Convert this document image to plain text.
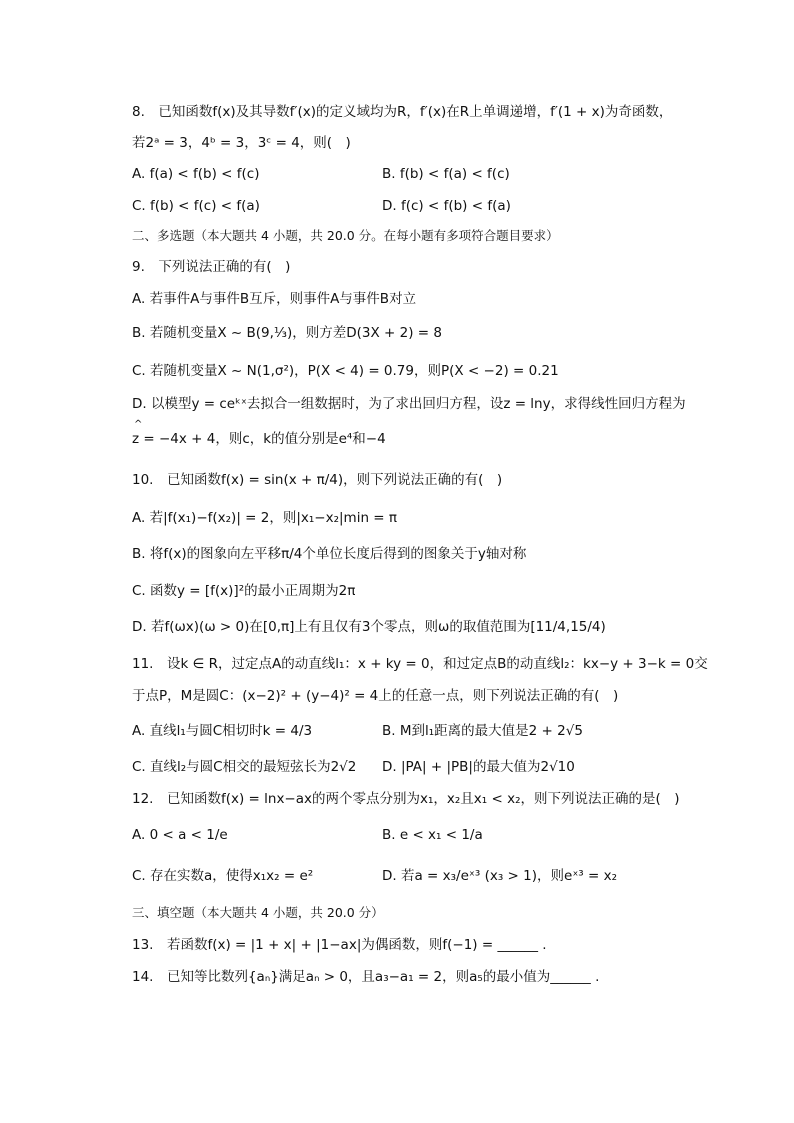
8.　已知函数f(x)及其导数f′(x)的定义域均为R，f′(x)在R上单调递增，f′(1 + x)为奇函数，
若2ᵃ = 3，4ᵇ = 3，3ᶜ = 4，则(　)
A. f(a) < f(b) < f(c)	B. f(b) < f(a) < f(c)
C. f(b) < f(c) < f(a)	D. f(c) < f(b) < f(a)
二、多选题（本大题共 4 小题，共 20.0 分。在每小题有多项符合题目要求）
9.　下列说法正确的有(　)
A. 若事件A与事件B互斥，则事件A与事件B对立
B. 若随机变量X ~ B(9,⅓)，则方差D(3X + 2) = 8
C. 若随机变量X ~ N(1,σ²)，P(X < 4) = 0.79，则P(X < −2) = 0.21
D. 以模型y = ceᵏˣ去拟合一组数据时，为了求出回归方程，设z = lny，求得线性回归方程为
^
z = −4x + 4，则c，k的值分别是e⁴和−4
10.　已知函数f(x) = sin(x + π/4)，则下列说法正确的有(　)
A. 若|f(x₁)−f(x₂)| = 2，则|x₁−x₂|min = π
B. 将f(x)的图象向左平移π/4个单位长度后得到的图象关于y轴对称
C. 函数y = [f(x)]²的最小正周期为2π
D. 若f(ωx)(ω > 0)在[0,π]上有且仅有3个零点，则ω的取值范围为[11/4,15/4)
11.　设k ∈ R，过定点A的动直线l₁：x + ky = 0，和过定点B的动直线l₂：kx−y + 3−k = 0交
于点P，M是圆C：(x−2)² + (y−4)² = 4上的任意一点，则下列说法正确的有(　)
A. 直线l₁与圆C相切时k = 4/3	B. M到l₁距离的最大值是2 + 2√5
C. 直线l₂与圆C相交的最短弦长为2√2 D. |PA| + |PB|的最大值为2√10
12.　已知函数f(x) = lnx−ax的两个零点分别为x₁，x₂且x₁ < x₂，则下列说法正确的是(　)
A. 0 < a < 1/e	B. e < x₁ < 1/a
C. 存在实数a，使得x₁x₂ = e²	D. 若a = x₃/eˣ³ (x₃ > 1)，则eˣ³ = x₂
三、填空题（本大题共 4 小题，共 20.0 分）
13.　若函数f(x) = |1 + x| + |1−ax|为偶函数，则f(−1) = ______ .
14.　已知等比数列{aₙ}满足aₙ > 0，且a₃−a₁ = 2，则a₅的最小值为______ .
